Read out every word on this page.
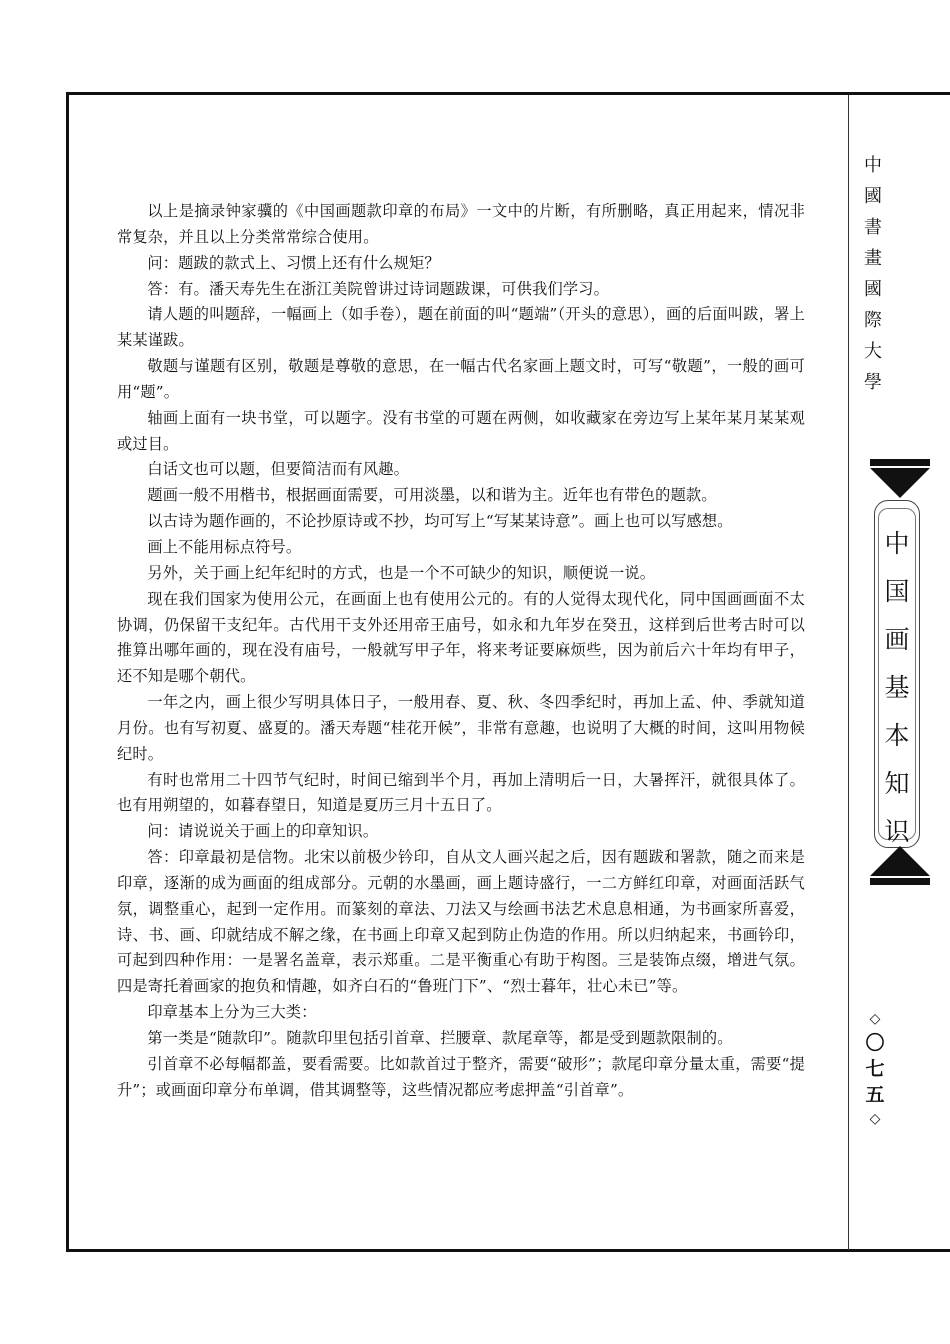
以上是摘录钟家骥的《中国画题款印章的布局》一文中的片断，有所删略，真正用起来，情况非常复杂，并且以上分类常常综合使用。

问：题跋的款式上、习惯上还有什么规矩？

答：有。潘天寿先生在浙江美院曾讲过诗词题跋课，可供我们学习。

请人题的叫题辞，一幅画上（如手卷），题在前面的叫“题端”（开头的意思），画的后面叫跋，署上某某谨跋。

敬题与谨题有区别，敬题是尊敬的意思，在一幅古代名家画上题文时，可写“敬题”，一般的画可用“题”。

轴画上面有一块书堂，可以题字。没有书堂的可题在两侧，如收藏家在旁边写上某年某月某某观或过目。

白话文也可以题，但要简洁而有风趣。

题画一般不用楷书，根据画面需要，可用淡墨，以和谐为主。近年也有带色的题款。

以古诗为题作画的，不论抄原诗或不抄，均可写上“写某某诗意”。画上也可以写感想。

画上不能用标点符号。

另外，关于画上纪年纪时的方式，也是一个不可缺少的知识，顺便说一说。

现在我们国家为使用公元，在画面上也有使用公元的。有的人觉得太现代化，同中国画画面不太协调，仍保留干支纪年。古代用干支外还用帝王庙号，如永和九年岁在癸丑，这样到后世考古时可以推算出哪年画的，现在没有庙号，一般就写甲子年，将来考证要麻烦些，因为前后六十年均有甲子，还不知是哪个朝代。

一年之内，画上很少写明具体日子，一般用春、夏、秋、冬四季纪时，再加上孟、仲、季就知道月份。也有写初夏、盛夏的。潘天寿题“桂花开候”，非常有意趣，也说明了大概的时间，这叫用物候纪时。

有时也常用二十四节气纪时，时间已缩到半个月，再加上清明后一日，大暑挥汗，就很具体了。也有用朔望的，如暮春望日，知道是夏历三月十五日了。

问：请说说关于画上的印章知识。

答：印章最初是信物。北宋以前极少钤印，自从文人画兴起之后，因有题跋和署款，随之而来是印章，逐渐的成为画面的组成部分。元朝的水墨画，画上题诗盛行，一二方鲜红印章，对画面活跃气氛，调整重心，起到一定作用。而篆刻的章法、刀法又与绘画书法艺术息息相通，为书画家所喜爱，诗、书、画、印就结成不解之缘，在书画上印章又起到防止伪造的作用。所以归纳起来，书画钤印，可起到四种作用：一是署名盖章，表示郑重。二是平衡重心有助于构图。三是装饰点缀，增进气氛。四是寄托着画家的抱负和情趣，如齐白石的“鲁班门下”、“烈士暮年，壮心未已”等。

印章基本上分为三大类：

第一类是“随款印”。随款印里包括引首章、拦腰章、款尾章等，都是受到题款限制的。

引首章不必每幅都盖，要看需要。比如款首过于整齐，需要“破形”；款尾印章分量太重，需要“提升”；或画面印章分布单调，借其调整等，这些情况都应考虑押盖“引首章”。

中
國
書
畫
國
際
大
學
中
国
画
基
本
知
识
◇
〇
七
五
◇
